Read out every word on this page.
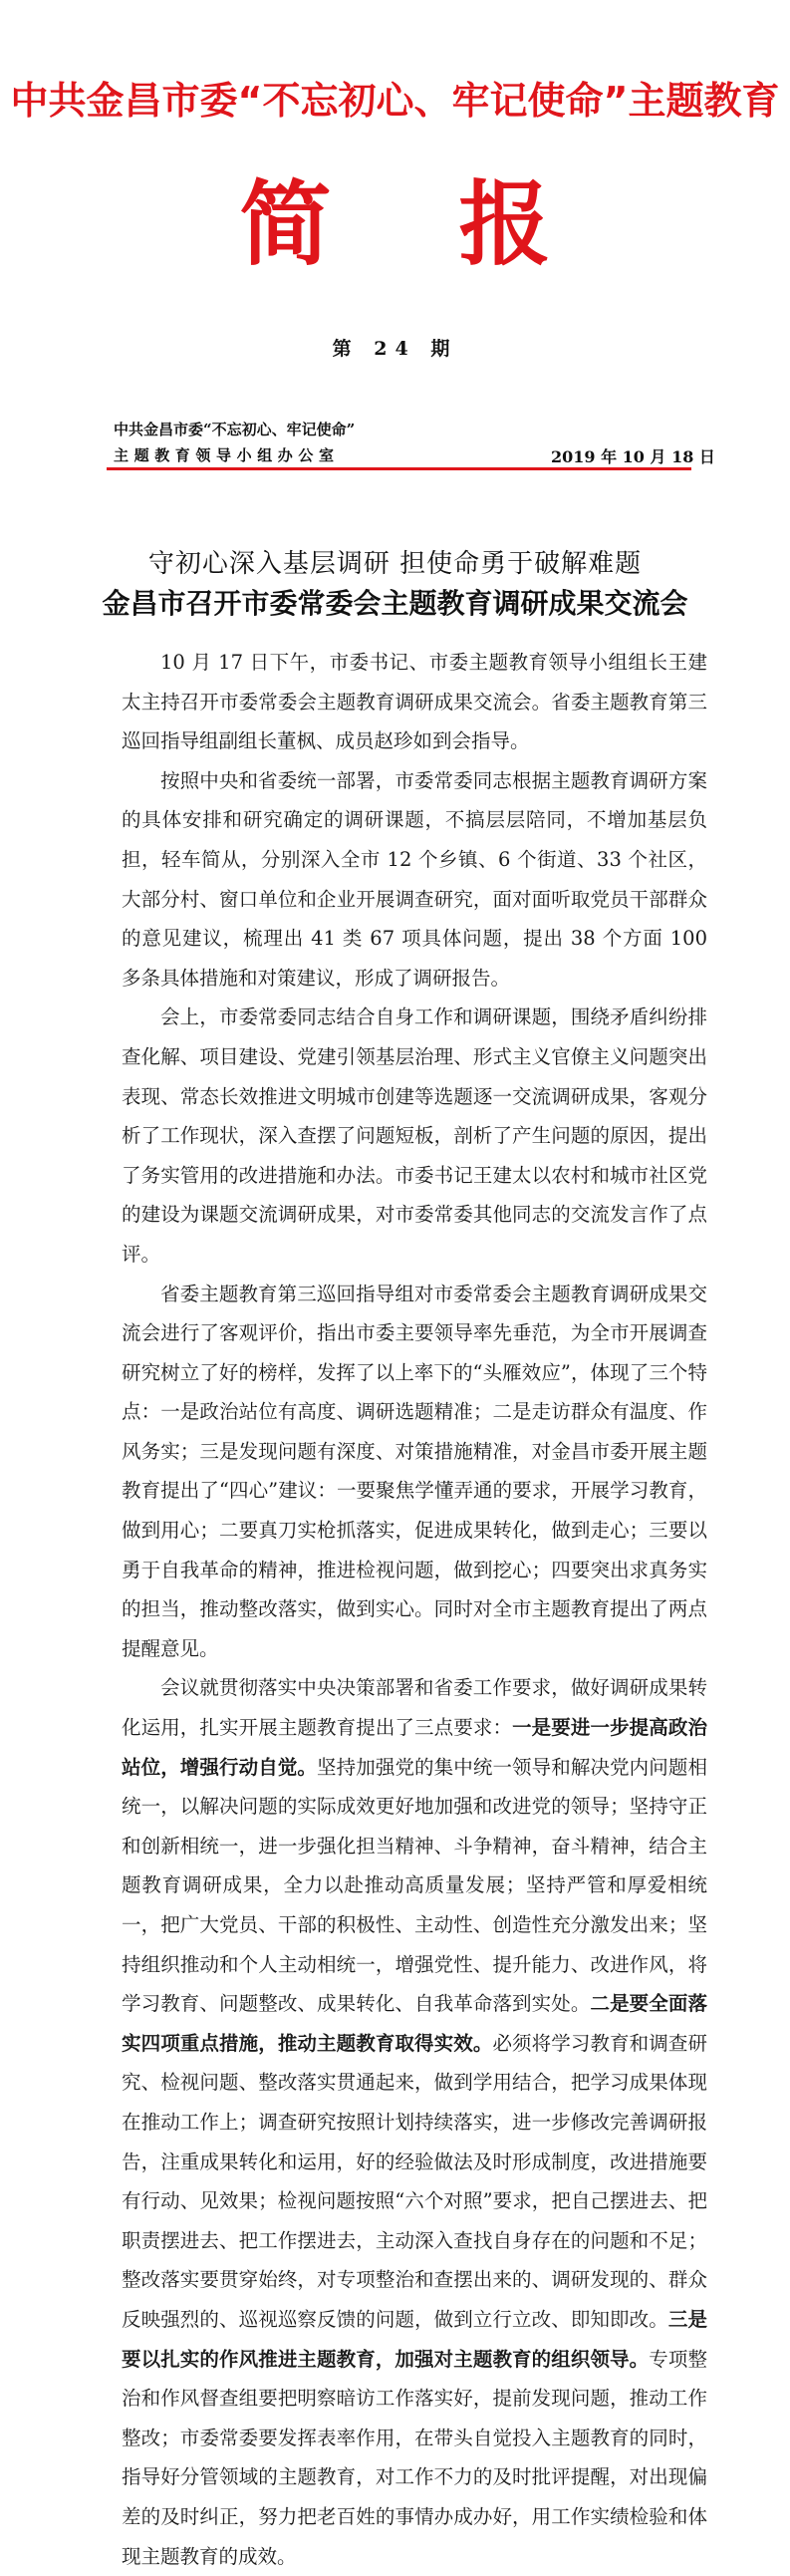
中共金昌市委“不忘初心、牢记使命”主题教育
简 报
第 24 期
中共金昌市委“不忘初心、牢记使命”
主题教育领导小组办公室	2019 年 10 月 18 日
守初心深入基层调研 担使命勇于破解难题
金昌市召开市委常委会主题教育调研成果交流会

10 月 17 日下午，市委书记、市委主题教育领导小组组长王建太主持召开市委常委会主题教育调研成果交流会。省委主题教育第三巡回指导组副组长董枫、成员赵珍如到会指导。

按照中央和省委统一部署，市委常委同志根据主题教育调研方案的具体安排和研究确定的调研课题，不搞层层陪同，不增加基层负担，轻车简从，分别深入全市 12 个乡镇、6 个街道、33 个社区，大部分村、窗口单位和企业开展调查研究，面对面听取党员干部群众的意见建议，梳理出 41 类 67 项具体问题，提出 38 个方面 100 多条具体措施和对策建议，形成了调研报告。

会上，市委常委同志结合自身工作和调研课题，围绕矛盾纠纷排查化解、项目建设、党建引领基层治理、形式主义官僚主义问题突出表现、常态长效推进文明城市创建等选题逐一交流调研成果，客观分析了工作现状，深入查摆了问题短板，剖析了产生问题的原因，提出了务实管用的改进措施和办法。市委书记王建太以农村和城市社区党的建设为课题交流调研成果，对市委常委其他同志的交流发言作了点评。

省委主题教育第三巡回指导组对市委常委会主题教育调研成果交流会进行了客观评价，指出市委主要领导率先垂范，为全市开展调查研究树立了好的榜样，发挥了以上率下的“头雁效应”，体现了三个特点：一是政治站位有高度、调研选题精准；二是走访群众有温度、作风务实；三是发现问题有深度、对策措施精准，对金昌市委开展主题教育提出了“四心”建议：一要聚焦学懂弄通的要求，开展学习教育，做到用心；二要真刀实枪抓落实，促进成果转化，做到走心；三要以勇于自我革命的精神，推进检视问题，做到挖心；四要突出求真务实的担当，推动整改落实，做到实心。同时对全市主题教育提出了两点提醒意见。

会议就贯彻落实中央决策部署和省委工作要求，做好调研成果转化运用，扎实开展主题教育提出了三点要求：一是要进一步提高政治站位，增强行动自觉。坚持加强党的集中统一领导和解决党内问题相统一，以解决问题的实际成效更好地加强和改进党的领导；坚持守正和创新相统一，进一步强化担当精神、斗争精神，奋斗精神，结合主题教育调研成果，全力以赴推动高质量发展；坚持严管和厚爱相统一，把广大党员、干部的积极性、主动性、创造性充分激发出来；坚持组织推动和个人主动相统一，增强党性、提升能力、改进作风，将学习教育、问题整改、成果转化、自我革命落到实处。二是要全面落实四项重点措施，推动主题教育取得实效。必须将学习教育和调查研究、检视问题、整改落实贯通起来，做到学用结合，把学习成果体现在推动工作上；调查研究按照计划持续落实，进一步修改完善调研报告，注重成果转化和运用，好的经验做法及时形成制度，改进措施要有行动、见效果；检视问题按照“六个对照”要求，把自己摆进去、把职责摆进去、把工作摆进去，主动深入查找自身存在的问题和不足；整改落实要贯穿始终，对专项整治和查摆出来的、调研发现的、群众反映强烈的、巡视巡察反馈的问题，做到立行立改、即知即改。三是要以扎实的作风推进主题教育，加强对主题教育的组织领导。专项整治和作风督查组要把明察暗访工作落实好，提前发现问题，推动工作整改；市委常委要发挥表率作用，在带头自觉投入主题教育的同时，指导好分管领域的主题教育，对工作不力的及时批评提醒，对出现偏差的及时纠正，努力把老百姓的事情办成办好，用工作实绩检验和体现主题教育的成效。
